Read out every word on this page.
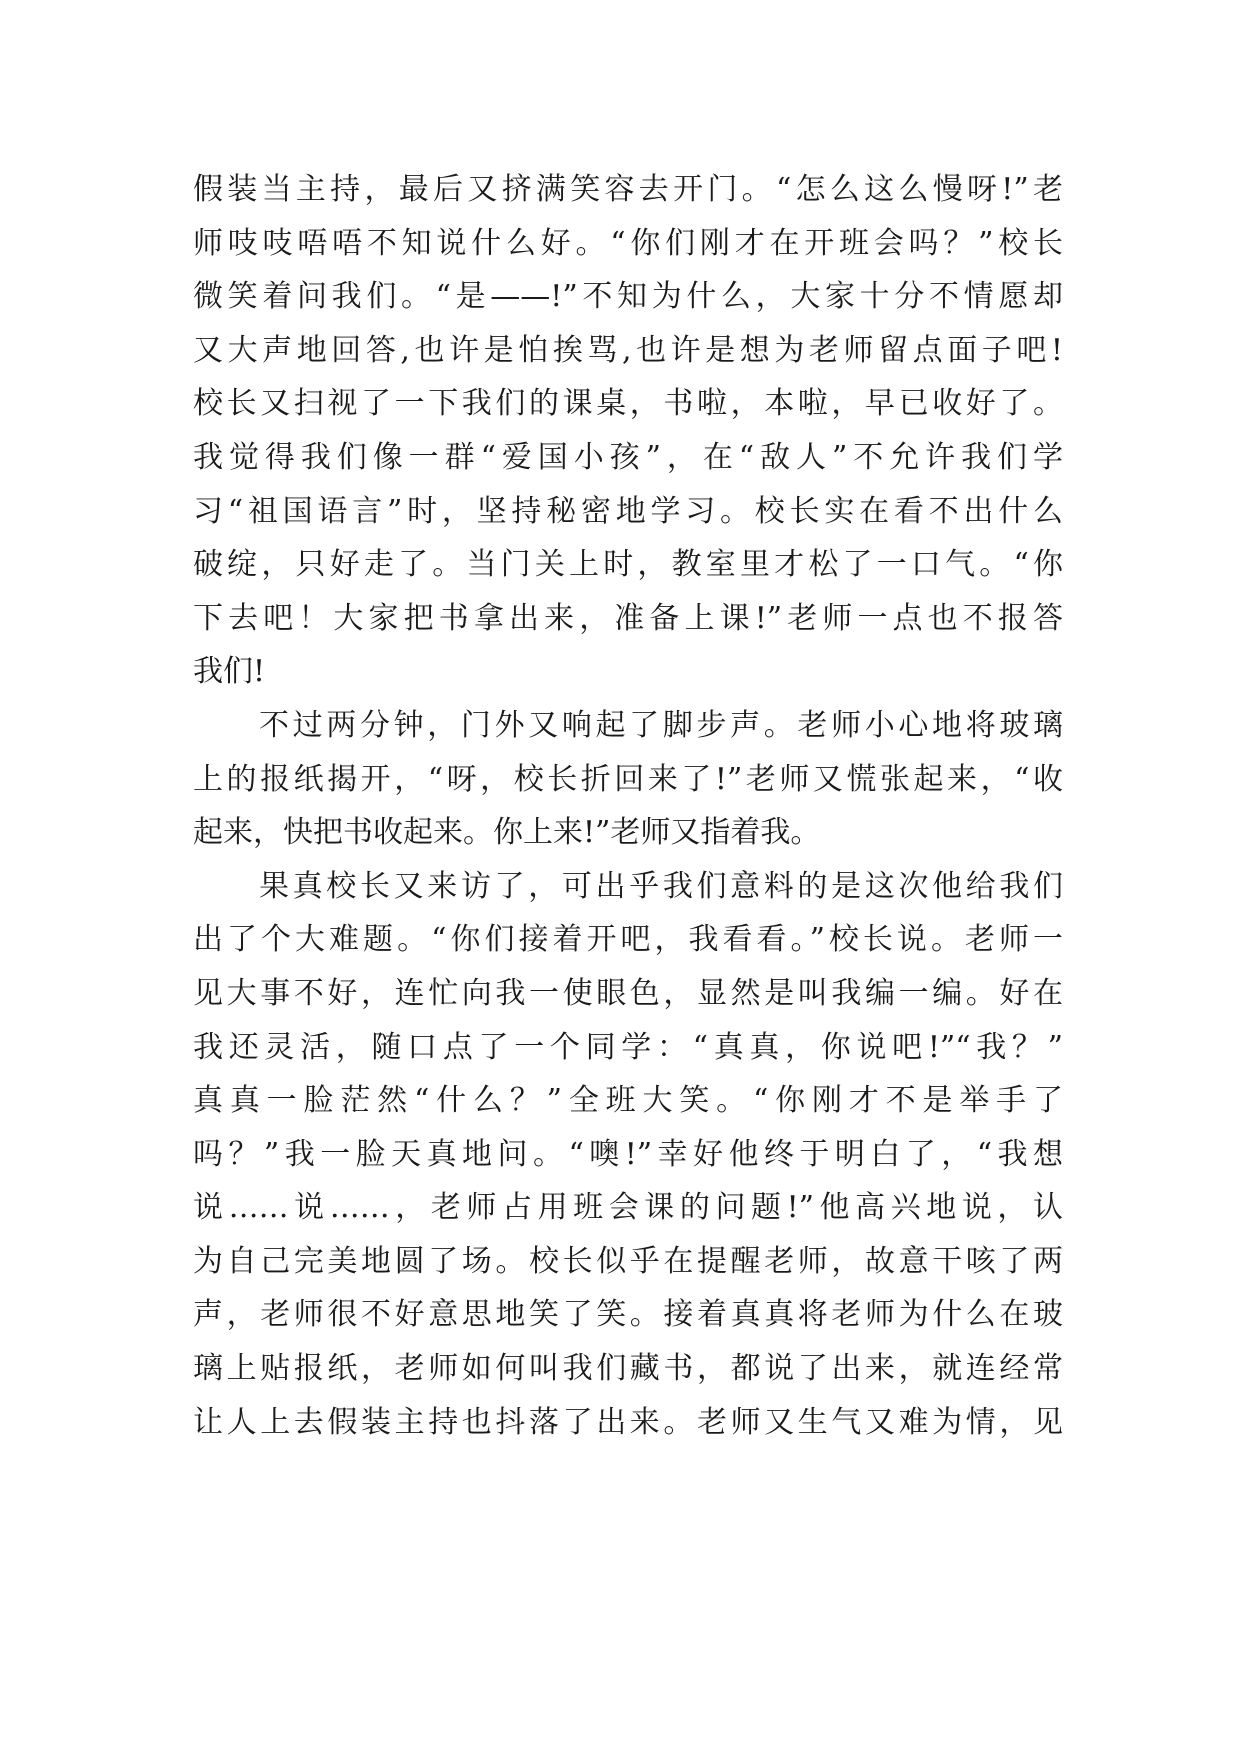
假装当主持，最后又挤满笑容去开门。“怎么这么慢呀!”老
师吱吱唔唔不知说什么好。“你们刚才在开班会吗？”校长
微笑着问我们。“是——!”不知为什么，大家十分不情愿却
又大声地回答,也许是怕挨骂,也许是想为老师留点面子吧!
校长又扫视了一下我们的课桌，书啦，本啦，早已收好了。
我觉得我们像一群“爱国小孩”，在“敌人”不允许我们学
习“祖国语言”时，坚持秘密地学习。校长实在看不出什么
破绽，只好走了。当门关上时，教室里才松了一口气。“你
下去吧！大家把书拿出来，准备上课!”老师一点也不报答
我们!
不过两分钟，门外又响起了脚步声。老师小心地将玻璃
上的报纸揭开，“呀，校长折回来了!”老师又慌张起来，“收
起来，快把书收起来。你上来!”老师又指着我。
果真校长又来访了，可出乎我们意料的是这次他给我们
出了个大难题。“你们接着开吧，我看看。”校长说。老师一
见大事不好，连忙向我一使眼色，显然是叫我编一编。好在
我还灵活，随口点了一个同学：“真真，你说吧!”“我？”
真真一脸茫然“什么？”全班大笑。“你刚才不是举手了
吗？”我一脸天真地问。“噢!”幸好他终于明白了，“我想
说……说……，老师占用班会课的问题!”他高兴地说，认
为自己完美地圆了场。校长似乎在提醒老师，故意干咳了两
声，老师很不好意思地笑了笑。接着真真将老师为什么在玻
璃上贴报纸，老师如何叫我们藏书，都说了出来，就连经常
让人上去假装主持也抖落了出来。老师又生气又难为情，见
